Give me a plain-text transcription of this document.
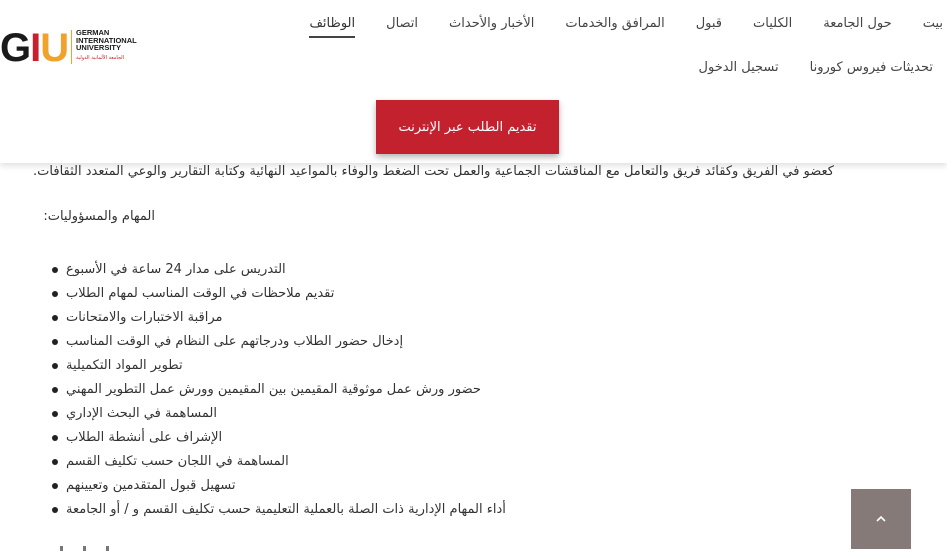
GIU GERMAN
INTERNATIONAL
UNIVERSITY
الجامعة الألمانية الدولية
الوظائف اتصال الأخبار والأحداث المرافق والخدمات قبول الكليات حول الجامعة بيت
تسجيل الدخول تحديثات فيروس كورونا
تقديم الطلب عبر الإنترنت
كعضو في الفريق وكقائد فريق والتعامل مع المناقشات الجماعية والعمل تحت الضغط والوفاء بالمواعيد النهائية وكتابة التقارير والوعي المتعدد الثقافات.
المهام والمسؤوليات:
التدريس على مدار 24 ساعة في الأسبوع
تقديم ملاحظات في الوقت المناسب لمهام الطلاب
مراقبة الاختبارات والامتحانات
إدخال حضور الطلاب ودرجاتهم على النظام في الوقت المناسب
تطوير المواد التكميلية
حضور ورش عمل موثوقية المقيمين بين المقيمين وورش عمل التطوير المهني
المساهمة في البحث الإداري
الإشراف على أنشطة الطلاب
المساهمة في اللجان حسب تكليف القسم
تسهيل قبول المتقدمين وتعيينهم
أداء المهام الإدارية ذات الصلة بالعملية التعليمية حسب تكليف القسم و / أو الجامعة
